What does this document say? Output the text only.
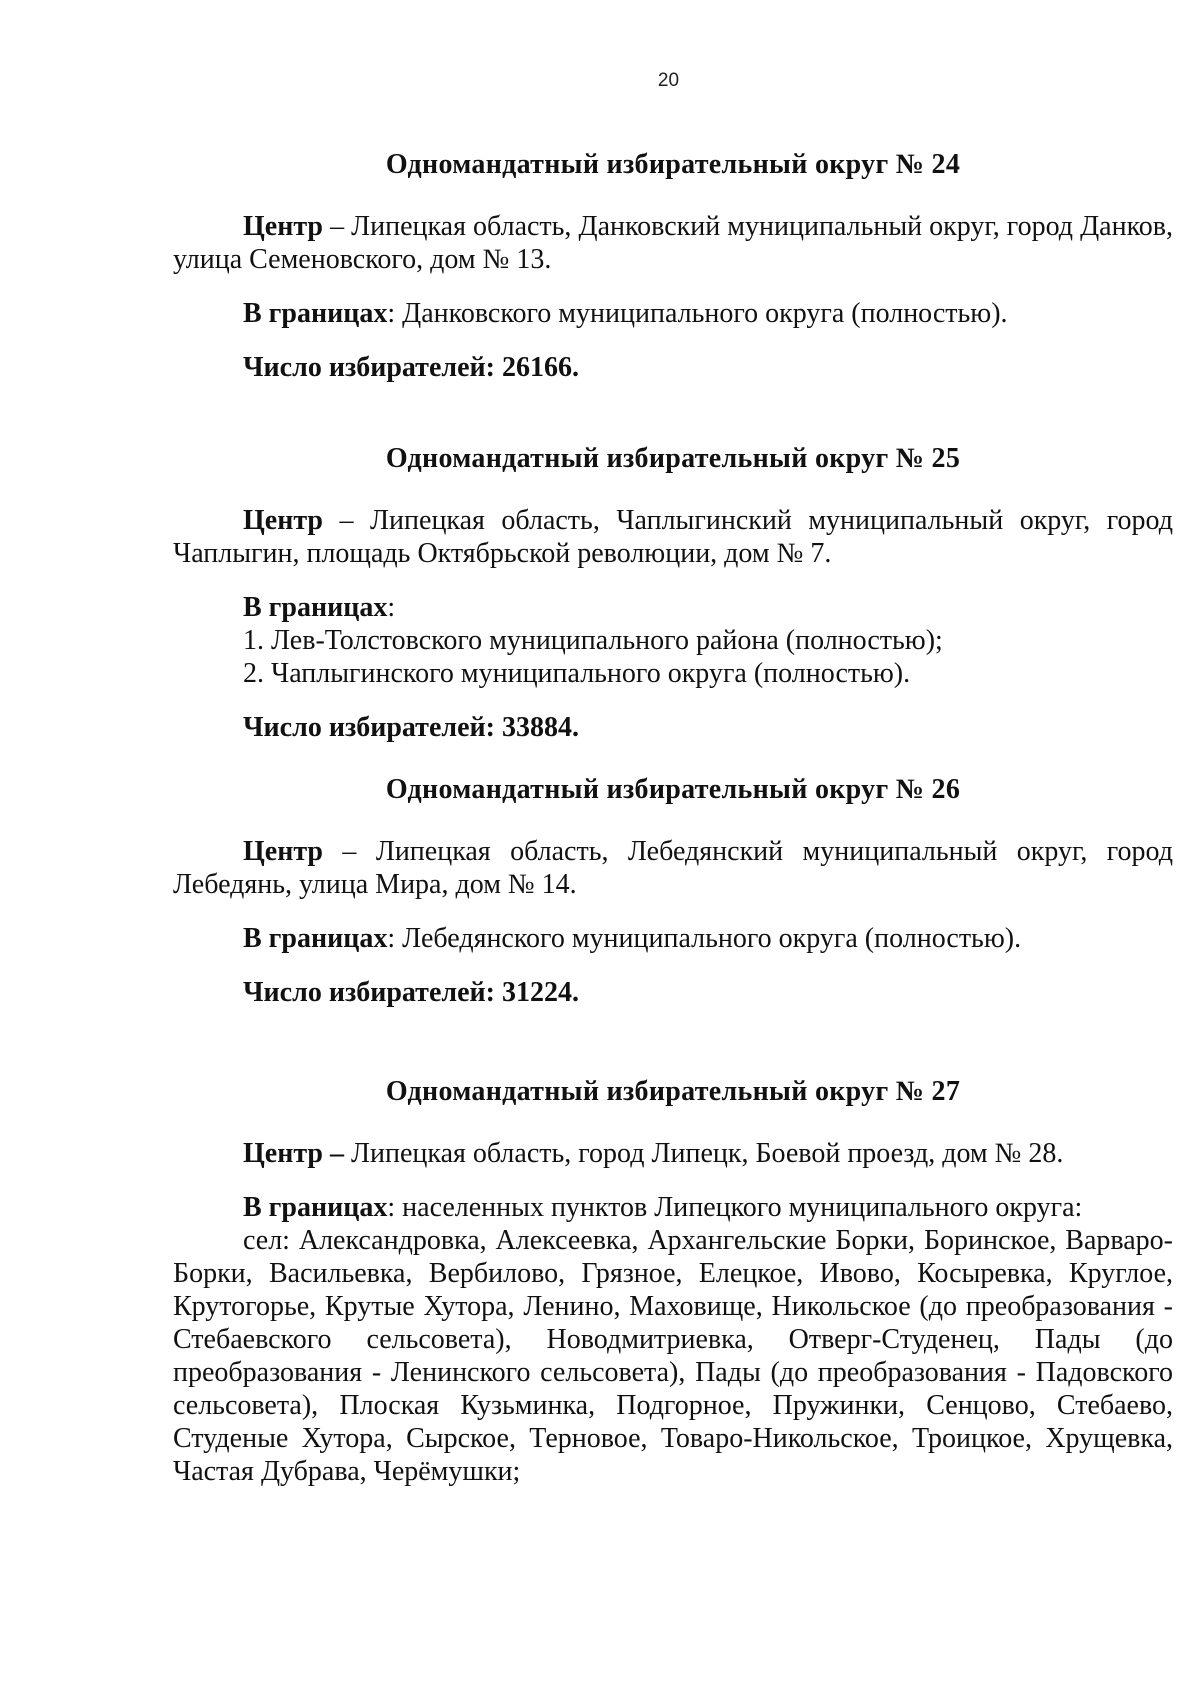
20

Одномандатный избирательный округ № 24

Центр – Липецкая область, Данковский муниципальный округ, город Данков, улица Семеновского, дом № 13.

В границах: Данковского муниципального округа (полностью).

Число избирателей: 26166.

Одномандатный избирательный округ № 25

Центр – Липецкая область, Чаплыгинский муниципальный округ, город Чаплыгин, площадь Октябрьской революции, дом № 7.

В границах:

1. Лев-Толстовского муниципального района (полностью);

2. Чаплыгинского муниципального округа (полностью).

Число избирателей: 33884.

Одномандатный избирательный округ № 26

Центр – Липецкая область, Лебедянский муниципальный округ, город Лебедянь, улица Мира, дом № 14.

В границах: Лебедянского муниципального округа (полностью).

Число избирателей: 31224.

Одномандатный избирательный округ № 27

Центр – Липецкая область, город Липецк, Боевой проезд, дом № 28.

В границах: населенных пунктов Липецкого муниципального округа:

сел: Александровка, Алексеевка, Архангельские Борки, Боринское, Варваро-Борки, Васильевка, Вербилово, Грязное, Елецкое, Ивово, Косыревка, Круглое, Крутогорье, Крутые Хутора, Ленино, Маховище, Никольское (до преобразования - Стебаевского сельсовета), Новодмитриевка, Отверг-Студенец, Пады (до преобразования - Ленинского сельсовета), Пады (до преобразования - Падовского сельсовета), Плоская Кузьминка, Подгорное, Пружинки, Сенцово, Стебаево, Студеные Хутора, Сырское, Терновое, Товаро-Никольское, Троицкое, Хрущевка, Частая Дубрава, Черёмушки;
